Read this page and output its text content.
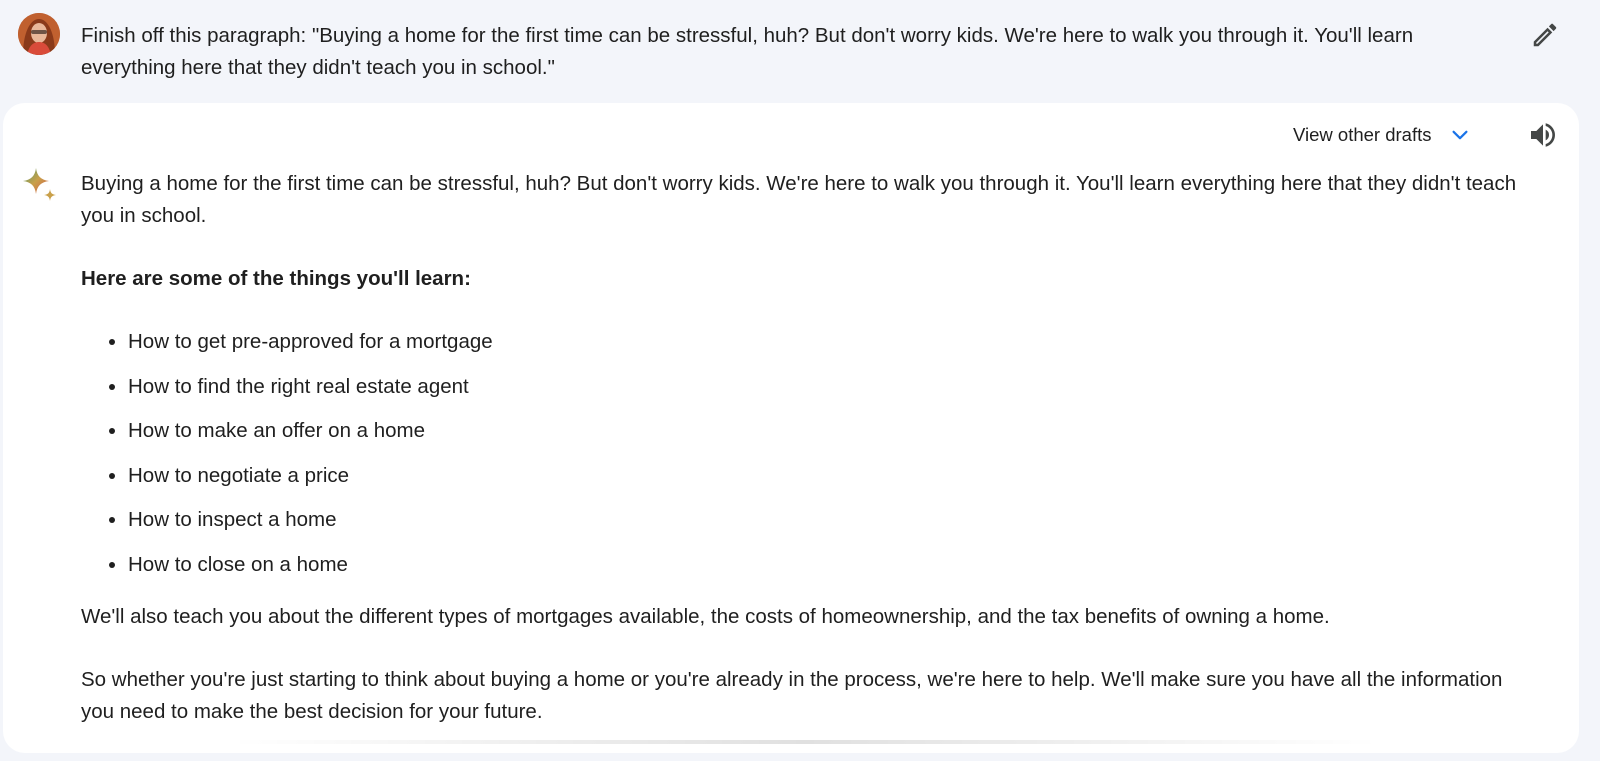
Finish off this paragraph: "Buying a home for the first time can be stressful, huh? But don't worry kids. We're here to walk you through it. You'll learn everything here that they didn't teach you in school."
View other drafts

Buying a home for the first time can be stressful, huh? But don't worry kids. We're here to walk you through it. You'll learn everything here that they didn't teach you in school.

Here are some of the things you'll learn:

• How to get pre-approved for a mortgage
• How to find the right real estate agent
• How to make an offer on a home
• How to negotiate a price
• How to inspect a home
• How to close on a home

We'll also teach you about the different types of mortgages available, the costs of homeownership, and the tax benefits of owning a home.

So whether you're just starting to think about buying a home or you're already in the process, we're here to help. We'll make sure you have all the information you need to make the best decision for your future.
